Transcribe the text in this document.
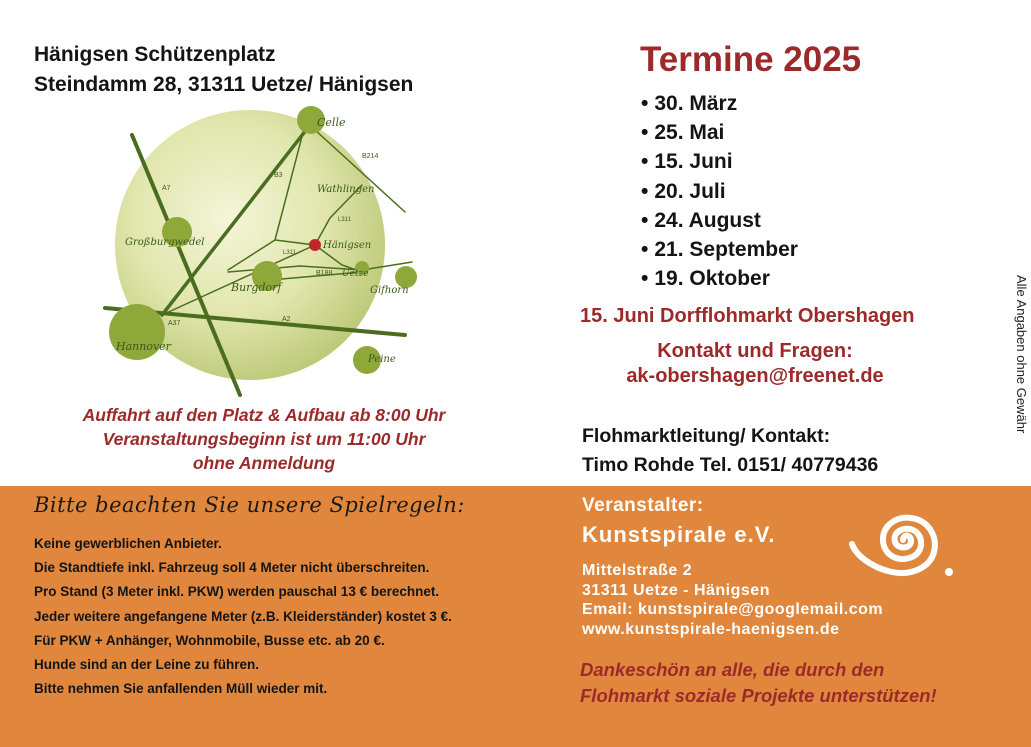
Hänigsen Schützenplatz
Steindamm 28, 31311 Uetze/ Hänigsen
Celle
Wathlingen
Großburgwedel	Hänigsen
Uetze
Burgdorf	Gifhorn
Hannover
Peine
A7
B214
B3
L311
L311
B188
A37
A2
Auffahrt auf den Platz & Aufbau ab 8:00 Uhr
Veranstaltungsbeginn ist um 11:00 Uhr
ohne Anmeldung
Termine 2025
• 30. März
• 25. Mai
• 15. Juni
• 20. Juli
• 24. August
• 21. September
• 19. Oktober
15. Juni Dorfflohmarkt Obershagen
Kontakt und Fragen:
ak-obershagen@freenet.de	Alle Angaben ohne Gewähr
Flohmarktleitung/ Kontakt:
Timo Rohde Tel. 0151/ 40779436
Bitte beachten Sie unsere Spielregeln:
Keine gewerblichen Anbieter.
Die Standtiefe inkl. Fahrzeug soll 4 Meter nicht überschreiten.
Pro Stand (3 Meter inkl. PKW) werden pauschal 13 € berechnet.
Jeder weitere angefangene Meter (z.B. Kleiderständer) kostet 3 €.
Für PKW + Anhänger, Wohnmobile, Busse etc. ab 20 €.
Hunde sind an der Leine zu führen.
Bitte nehmen Sie anfallenden Müll wieder mit.
Veranstalter:
Kunstspirale e.V.
Mittelstraße 2
31311 Uetze - Hänigsen
Email: kunstspirale@googlemail.com
www.kunstspirale-haenigsen.de
Dankeschön an alle, die durch den
Flohmarkt soziale Projekte unterstützen!
